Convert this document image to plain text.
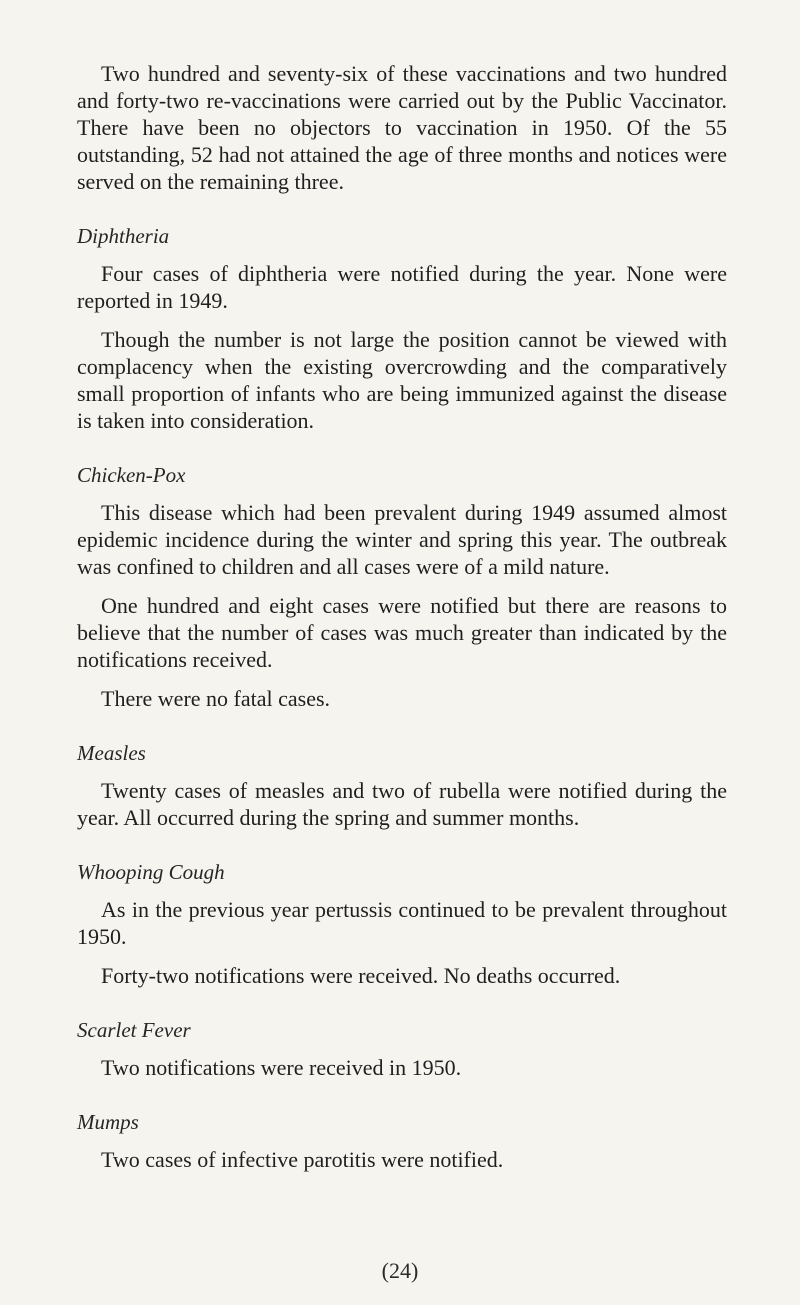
Two hundred and seventy-six of these vaccinations and two hundred and forty-two re-vaccinations were carried out by the Public Vaccinator. There have been no objectors to vaccination in 1950. Of the 55 outstanding, 52 had not attained the age of three months and notices were served on the remaining three.

Diphtheria

Four cases of diphtheria were notified during the year. None were reported in 1949.

Though the number is not large the position cannot be viewed with complacency when the existing overcrowding and the comparatively small proportion of infants who are being immunized against the disease is taken into consideration.

Chicken-Pox

This disease which had been prevalent during 1949 assumed almost epidemic incidence during the winter and spring this year. The outbreak was confined to children and all cases were of a mild nature.

One hundred and eight cases were notified but there are reasons to believe that the number of cases was much greater than indicated by the notifications received.

There were no fatal cases.

Measles

Twenty cases of measles and two of rubella were notified during the year. All occurred during the spring and summer months.

Whooping Cough

As in the previous year pertussis continued to be prevalent throughout 1950.

Forty-two notifications were received. No deaths occurred.

Scarlet Fever

Two notifications were received in 1950.

Mumps

Two cases of infective parotitis were notified.

(24)
